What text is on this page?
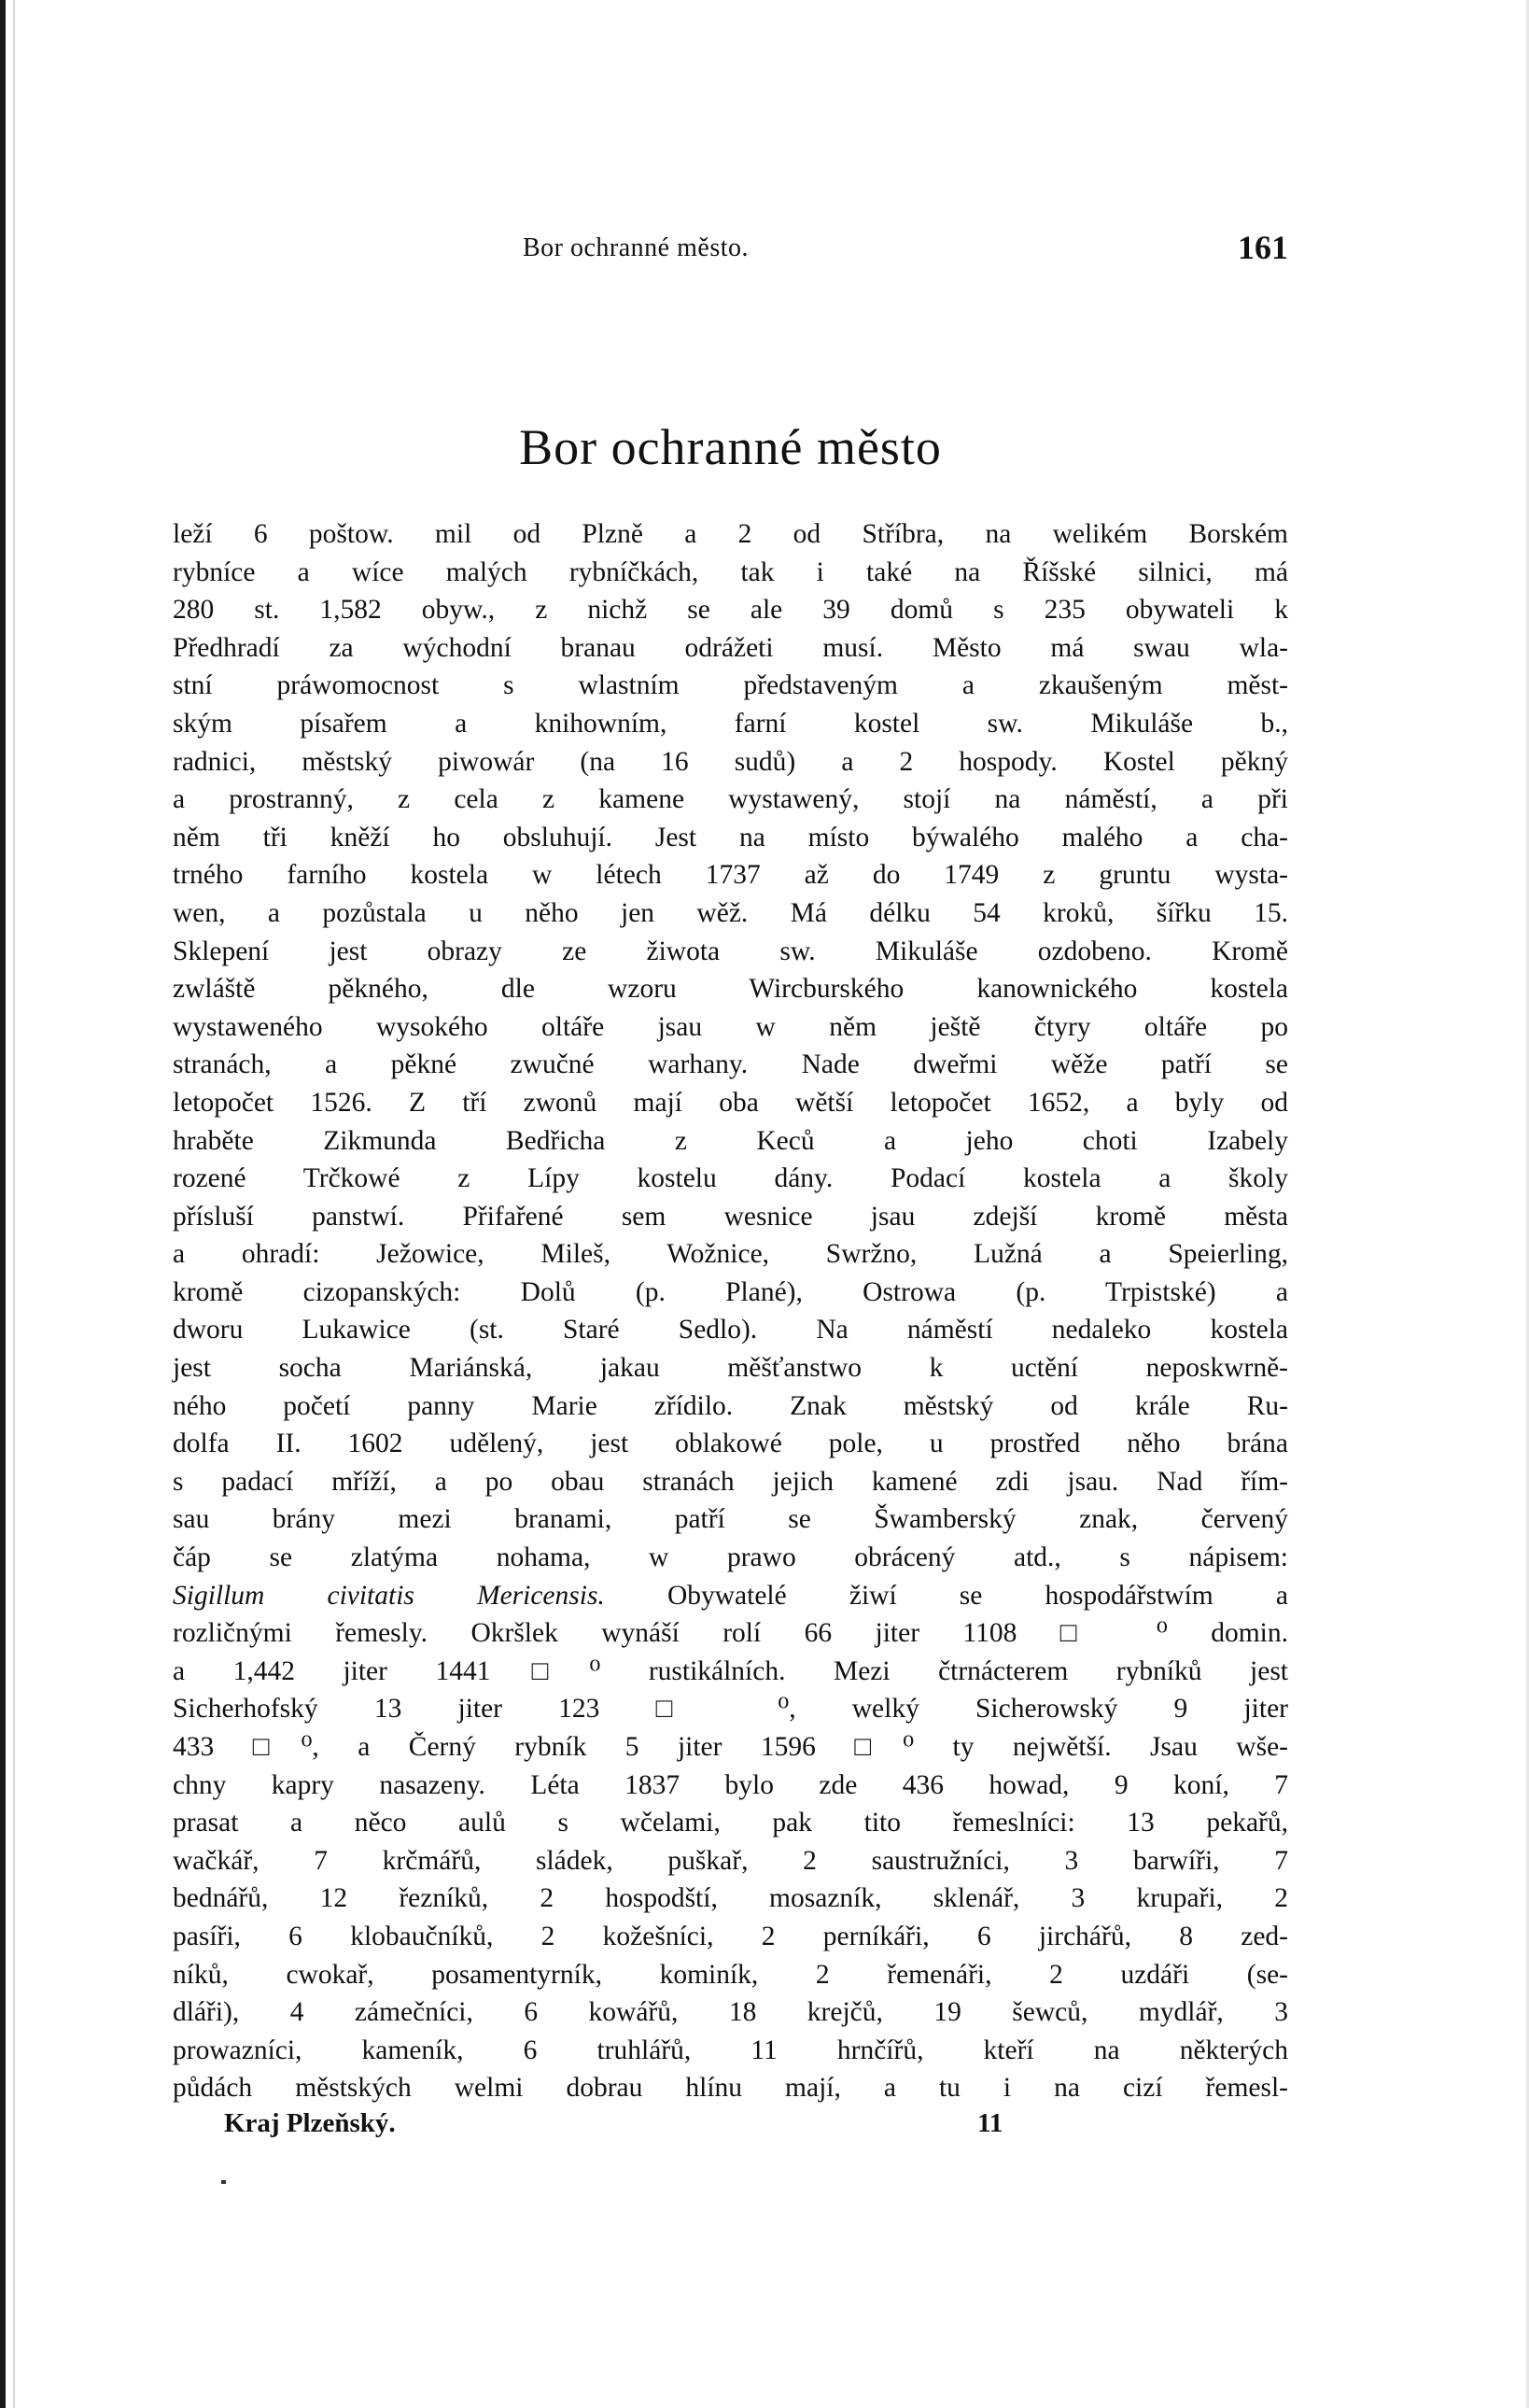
Bor ochranné město.	161
Bor ochranné město
leží 6 poštow. mil od Plzně a 2 od Stříbra, na welikém Borském
rybníce a wíce malých rybníčkách, tak i také na Říšské silnici, má
280 st. 1,582 obyw., z nichž se ale 39 domů s 235 obywateli k
Předhradí za wýchodní branau odrážeti musí. Město má swau wla-
stní práwomocnost s wlastním představeným a zkaušeným měst-
ským písařem a knihowním, farní kostel sw. Mikuláše b.,
radnici, městský piwowár (na 16 sudů) a 2 hospody. Kostel pěkný
a prostranný, z cela z kamene wystawený, stojí na náměstí, a při
něm tři kněží ho obsluhují. Jest na místo býwalého malého a cha-
trného farního kostela w létech 1737 až do 1749 z gruntu wysta-
wen, a pozůstala u něho jen wěž. Má délku 54 kroků, šířku 15.
Sklepení jest obrazy ze žiwota sw. Mikuláše ozdobeno. Kromě
zwláště pěkného, dle wzoru Wircburského kanownického kostela
wystaweného wysokého oltáře jsau w něm ještě čtyry oltáře po
stranách, a pěkné zwučné warhany. Nade dweřmi wěže patří se
letopočet 1526. Z tří zwonů mají oba wětší letopočet 1652, a byly od
hraběte Zikmunda Bedřicha z Keců a jeho choti Izabely
rozené Trčkowé z Lípy kostelu dány. Podací kostela a školy
přísluší panstwí. Přifařené sem wesnice jsau zdejší kromě města
a ohradí: Ježowice, Mileš, Wožnice, Swržno, Lužná a Speierling,
kromě cizopanských: Dolů (p. Plané), Ostrowa (p. Trpistské) a
dworu Lukawice (st. Staré Sedlo). Na náměstí nedaleko kostela
jest socha Mariánská, jakau měšťanstwo k uctění neposkwrně-
ného početí panny Marie zřídilo. Znak městský od krále Ru-
dolfa II. 1602 udělený, jest oblakowé pole, u prostřed něho brána
s padací mříží, a po obau stranách jejich kamené zdi jsau. Nad řím-
sau brány mezi branami, patří se Šwamberský znak, červený
čáp se zlatýma nohama, w prawo obrácený atd., s nápisem:
Sigillum civitatis Mericensis. Obywatelé žiwí se hospodářstwím a
rozličnými řemesly. Okršlek wynáší rolí 66 jiter 1108 □ ⁰ domin.
a 1,442 jiter 1441□⁰ rustikálních. Mezi čtrnácterem rybníků jest
Sicherhofský 13 jiter 123 □ ⁰, welký Sicherowský 9 jiter
433 □⁰, a Černý rybník 5 jiter 1596 □⁰ ty nejwětší. Jsau wše-
chny kapry nasazeny. Léta 1837 bylo zde 436 howad, 9 koní, 7
prasat a něco aulů s wčelami, pak tito řemeslníci: 13 pekařů,
wačkář, 7 krčmářů, sládek, puškař, 2 saustružníci, 3 barwíři, 7
bednářů, 12 řezníků, 2 hospodští, mosazník, sklenář, 3 krupaři, 2
pasíři, 6 klobaučníků, 2 kožešníci, 2 perníkáři, 6 jirchářů, 8 zed-
níků, cwokař, posamentyrník, kominík, 2 řemenáři, 2 uzdáři (se-
dláři), 4 zámečníci, 6 kowářů, 18 krejčů, 19 šewců, mydlář, 3
prowazníci, kameník, 6 truhlářů, 11 hrnčířů, kteří na některých
půdách městských welmi dobrau hlínu mají, a tu i na cizí řemesl-
Kraj Plzeňský.	11
